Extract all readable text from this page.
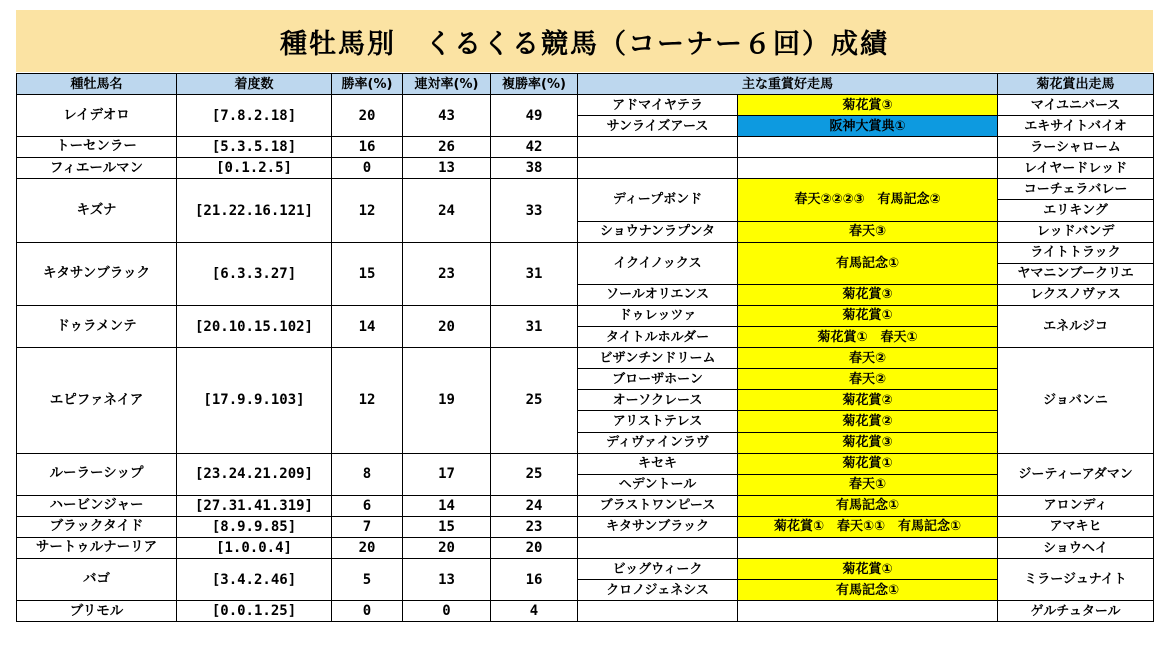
種牡馬別　くるくる競馬（コーナー６回）成績
種牡馬名	着度数	勝率(%)	連対率(%)	複勝率(%)	主な重賞好走馬		菊花賞出走馬
レイデオロ	[7.8.2.18]	20	43	49	アドマイヤテラ	菊花賞③	マイユニバース
					サンライズアース	阪神大賞典①	エキサイトバイオ
トーセンラー	[5.3.5.18]	16	26	42			ラーシャローム
フィエールマン	[0.1.2.5]	0	13	38			レイヤードレッド
キズナ	[21.22.16.121]	12	24	33	ディープボンド	春天②②②③　有馬記念②	コーチェラバレー
							エリキング
					ショウナンラプンタ	春天③	レッドバンデ
キタサンブラック	[6.3.3.27]	15	23	31	イクイノックス	有馬記念①	ライトトラック
							ヤマニンブークリエ
					ソールオリエンス	菊花賞③	レクスノヴァス
ドゥラメンテ	[20.10.15.102]	14	20	31	ドゥレッツァ	菊花賞①	エネルジコ
					タイトルホルダー	菊花賞①　春天①	
エピファネイア	[17.9.9.103]	12	19	25	ビザンチンドリーム	春天②	ジョバンニ
					ブローザホーン	春天②	
					オーソクレース	菊花賞②	
					アリストテレス	菊花賞②	
					ディヴァインラヴ	菊花賞③	
ルーラーシップ	[23.24.21.209]	8	17	25	キセキ	菊花賞①	ジーティーアダマン
					ヘデントール	春天①	
ハービンジャー	[27.31.41.319]	6	14	24	ブラストワンピース	有馬記念①	アロンディ
ブラックタイド	[8.9.9.85]	7	15	23	キタサンブラック	菊花賞①　春天①①　有馬記念①	アマキヒ
サートゥルナーリア	[1.0.0.4]	20	20	20			ショウヘイ
バゴ	[3.4.2.46]	5	13	16	ビッグウィーク	菊花賞①	ミラージュナイト
					クロノジェネシス	有馬記念①	
ブリモル	[0.0.1.25]	0	0	4			ゲルチュタール
